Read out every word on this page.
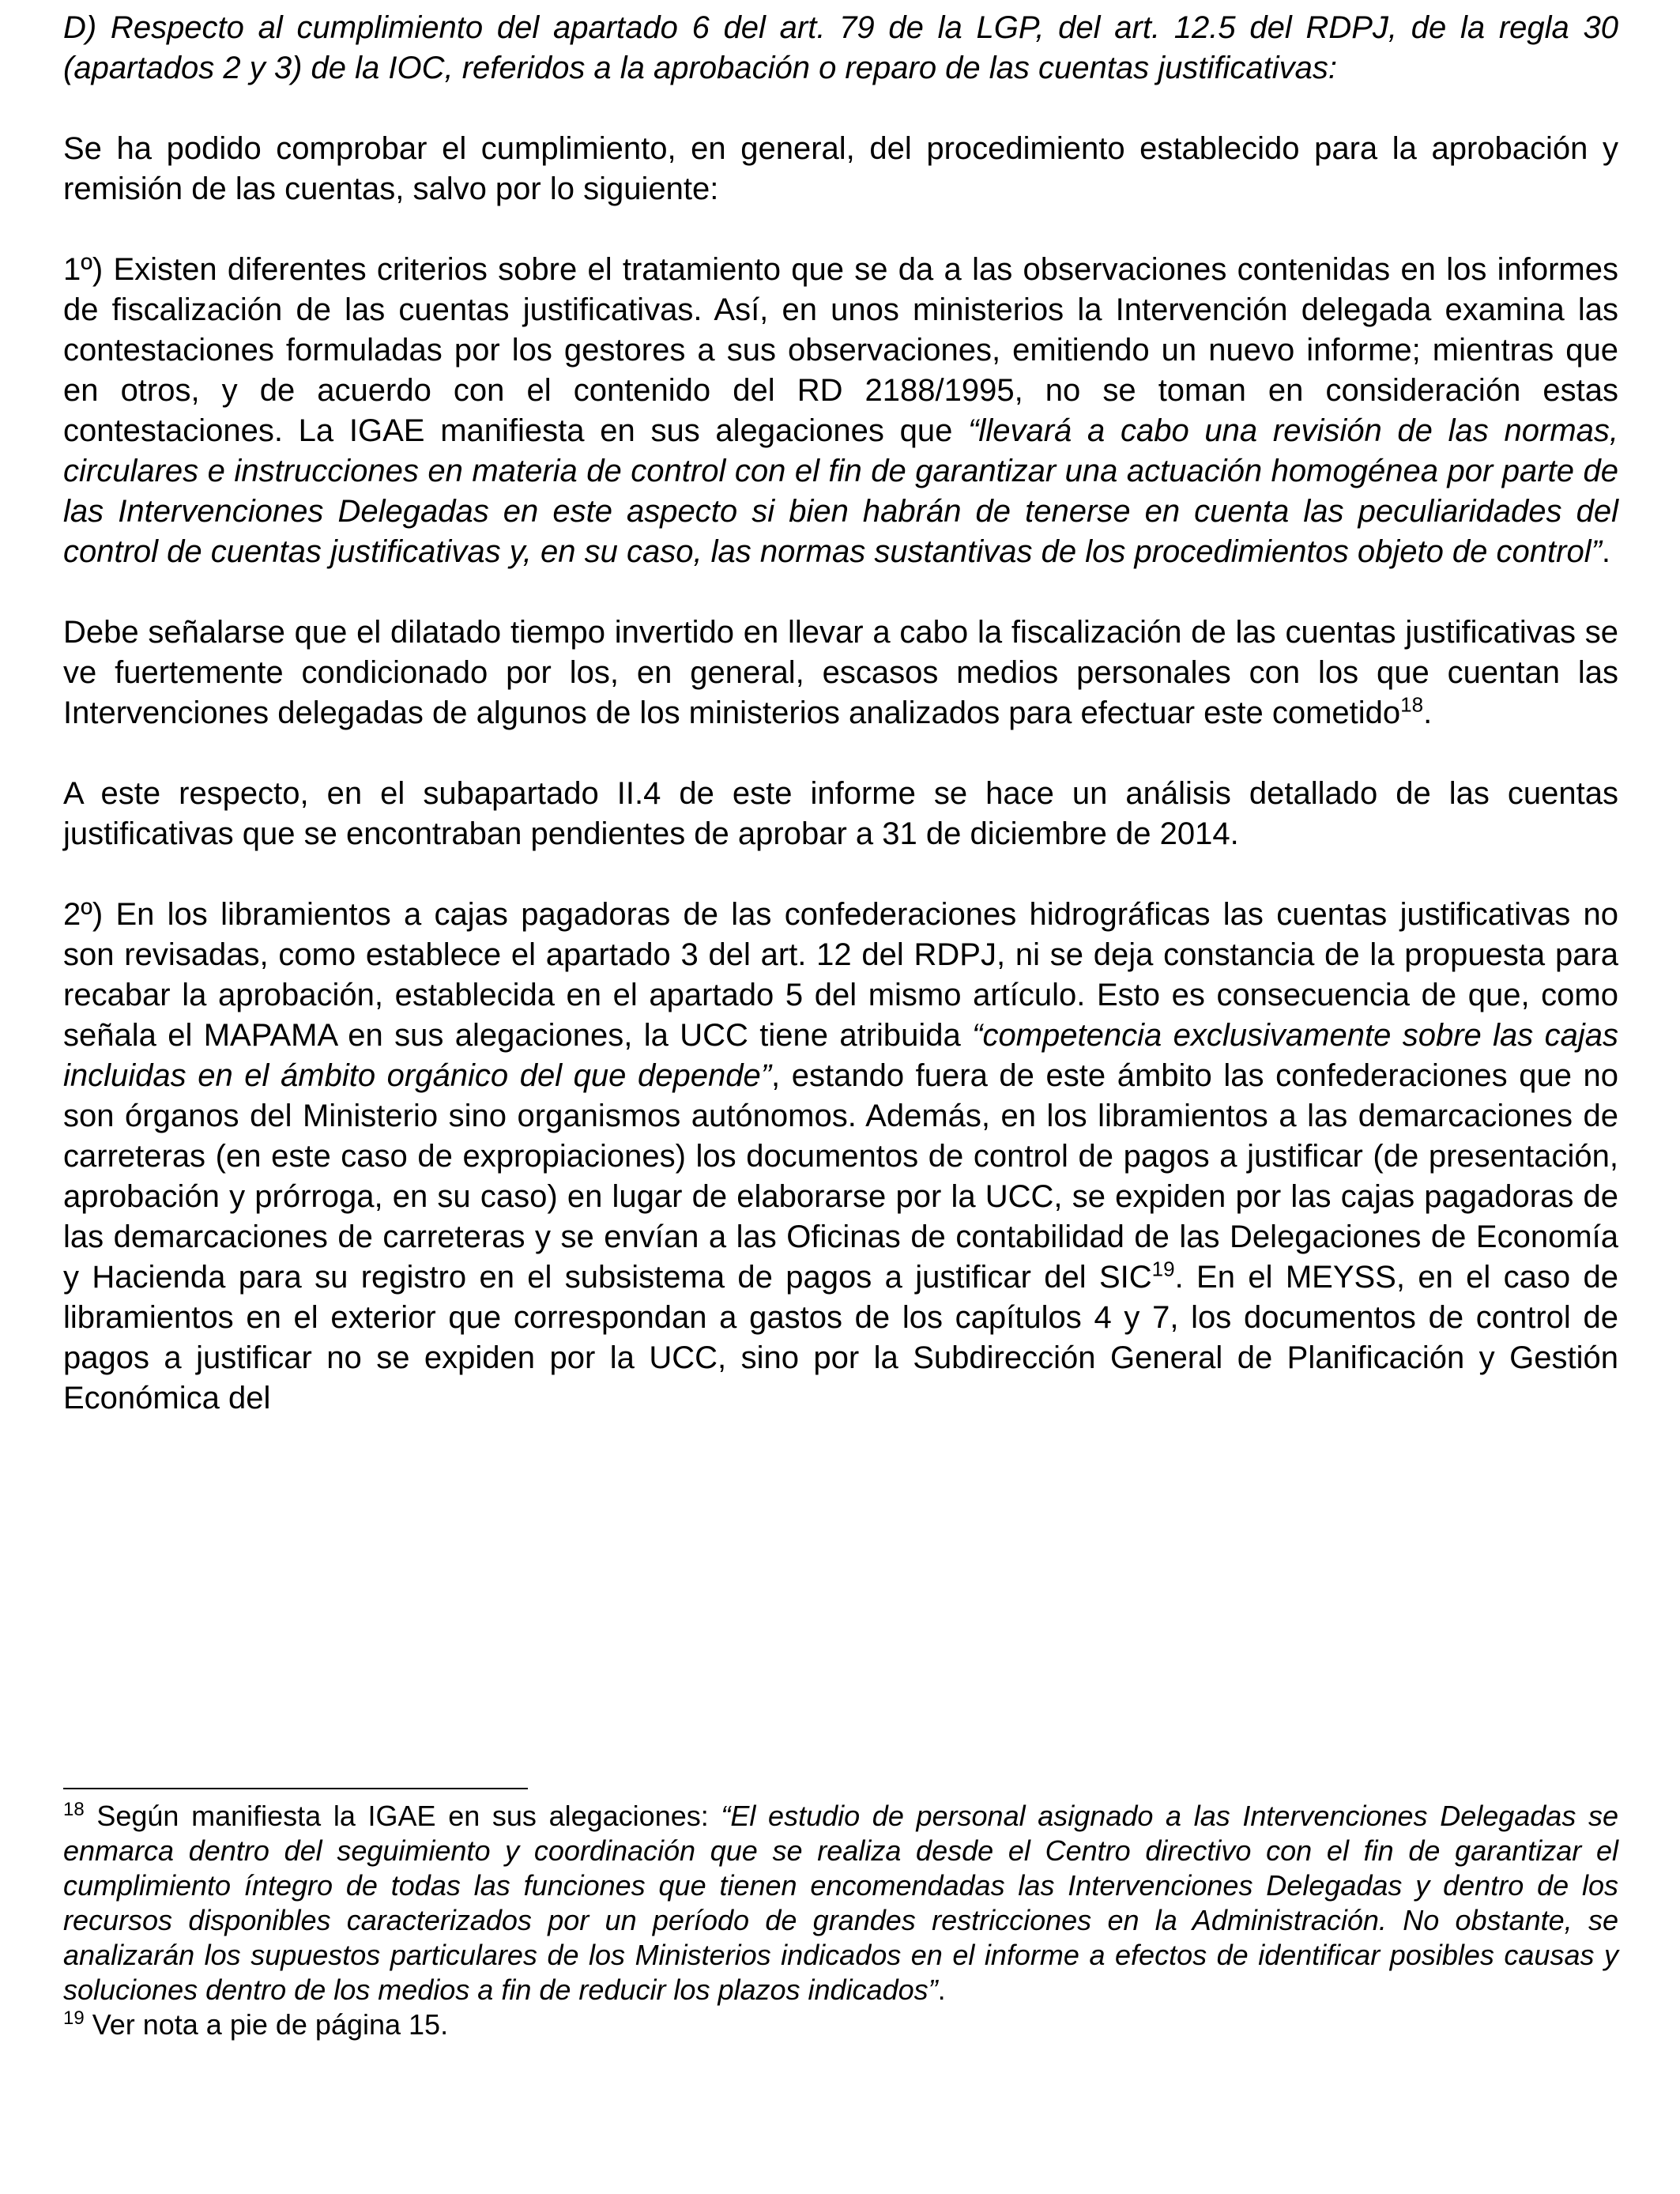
D) Respecto al cumplimiento del apartado 6 del art. 79 de la LGP, del art. 12.5 del RDPJ, de la regla 30 (apartados 2 y 3) de la IOC, referidos a la aprobación o reparo de las cuentas justificativas:

Se ha podido comprobar el cumplimiento, en general, del procedimiento establecido para la aprobación y remisión de las cuentas, salvo por lo siguiente:

1º) Existen diferentes criterios sobre el tratamiento que se da a las observaciones contenidas en los informes de fiscalización de las cuentas justificativas. Así, en unos ministerios la Intervención delegada examina las contestaciones formuladas por los gestores a sus observaciones, emitiendo un nuevo informe; mientras que en otros, y de acuerdo con el contenido del RD 2188/1995, no se toman en consideración estas contestaciones. La IGAE manifiesta en sus alegaciones que “llevará a cabo una revisión de las normas, circulares e instrucciones en materia de control con el fin de garantizar una actuación homogénea por parte de las Intervenciones Delegadas en este aspecto si bien habrán de tenerse en cuenta las peculiaridades del control de cuentas justificativas y, en su caso, las normas sustantivas de los procedimientos objeto de control”.

Debe señalarse que el dilatado tiempo invertido en llevar a cabo la fiscalización de las cuentas justificativas se ve fuertemente condicionado por los, en general, escasos medios personales con los que cuentan las Intervenciones delegadas de algunos de los ministerios analizados para efectuar este cometido$^{18}$.

A este respecto, en el subapartado II.4 de este informe se hace un análisis detallado de las cuentas justificativas que se encontraban pendientes de aprobar a 31 de diciembre de 2014.

2º) En los libramientos a cajas pagadoras de las confederaciones hidrográficas las cuentas justificativas no son revisadas, como establece el apartado 3 del art. 12 del RDPJ, ni se deja constancia de la propuesta para recabar la aprobación, establecida en el apartado 5 del mismo artículo. Esto es consecuencia de que, como señala el MAPAMA en sus alegaciones, la UCC tiene atribuida “competencia exclusivamente sobre las cajas incluidas en el ámbito orgánico del que depende”, estando fuera de este ámbito las confederaciones que no son órganos del Ministerio sino organismos autónomos. Además, en los libramientos a las demarcaciones de carreteras (en este caso de expropiaciones) los documentos de control de pagos a justificar (de presentación, aprobación y prórroga, en su caso) en lugar de elaborarse por la UCC, se expiden por las cajas pagadoras de las demarcaciones de carreteras y se envían a las Oficinas de contabilidad de las Delegaciones de Economía y Hacienda para su registro en el subsistema de pagos a justificar del SIC$^{19}$. En el MEYSS, en el caso de libramientos en el exterior que correspondan a gastos de los capítulos 4 y 7, los documentos de control de pagos a justificar no se expiden por la UCC, sino por la Subdirección General de Planificación y Gestión Económica del

$^{18}$ Según manifiesta la IGAE en sus alegaciones: “El estudio de personal asignado a las Intervenciones Delegadas se enmarca dentro del seguimiento y coordinación que se realiza desde el Centro directivo con el fin de garantizar el cumplimiento íntegro de todas las funciones que tienen encomendadas las Intervenciones Delegadas y dentro de los recursos disponibles caracterizados por un período de grandes restricciones en la Administración. No obstante, se analizarán los supuestos particulares de los Ministerios indicados en el informe a efectos de identificar posibles causas y soluciones dentro de los medios a fin de reducir los plazos indicados”.

$^{19}$ Ver nota a pie de página 15.
